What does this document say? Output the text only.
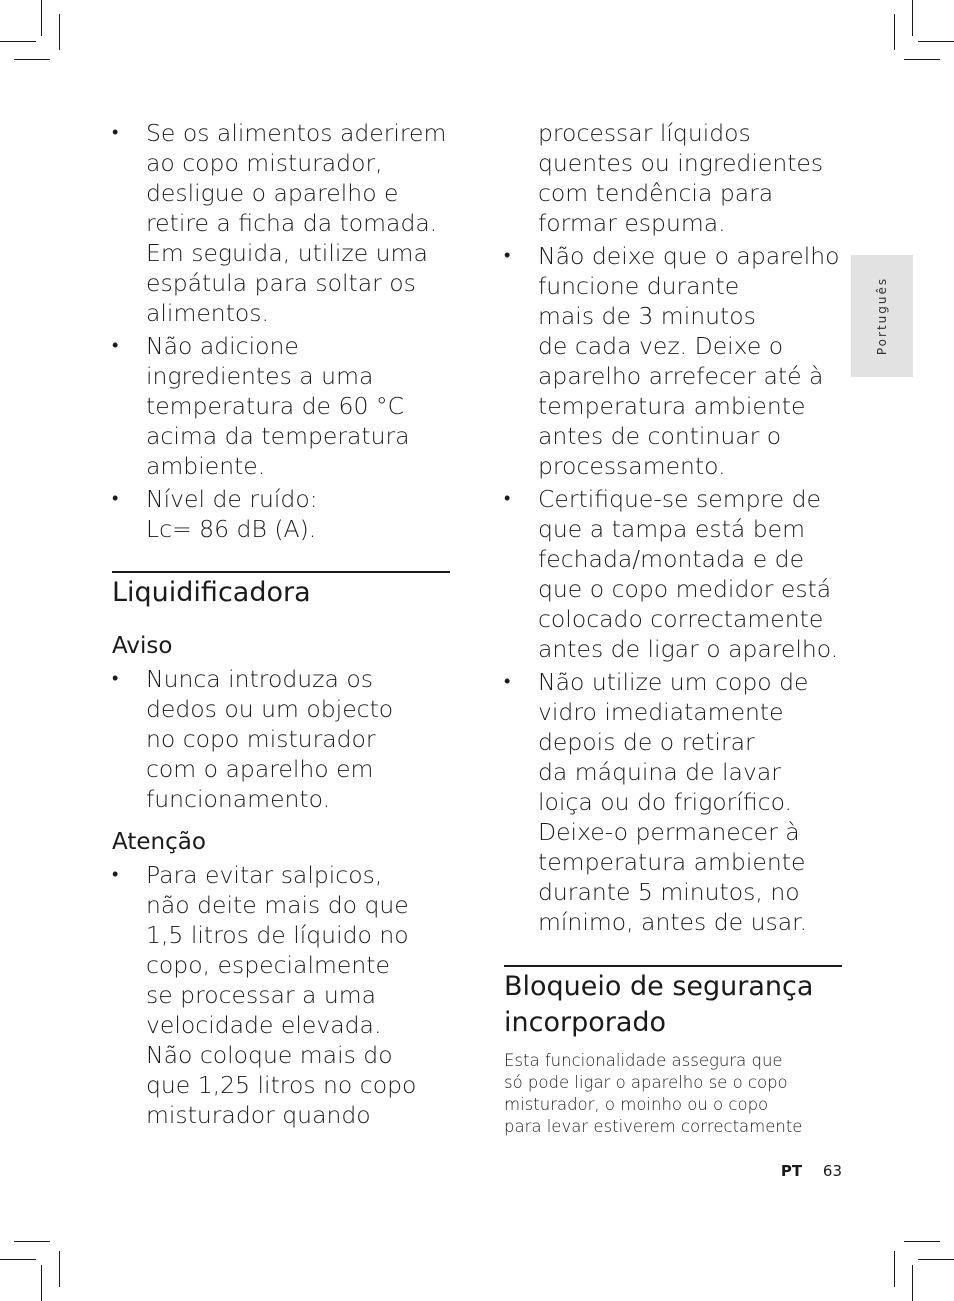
•	Se os alimentos aderirem
ao copo misturador,
desligue o aparelho e
retire a ficha da tomada.
Em seguida, utilize uma
espátula para soltar os
alimentos.
•	Não adicione
ingredientes a uma
temperatura de 60 °C
acima da temperatura
ambiente.
•	Nível de ruído:
Lc= 86 dB (A).
Liquidificadora
Aviso
•	Nunca introduza os
dedos ou um objecto
no copo misturador
com o aparelho em
funcionamento.
Atenção
•	Para evitar salpicos,
não deite mais do que
1,5 litros de líquido no
copo, especialmente
se processar a uma
velocidade elevada.
Não coloque mais do
que 1,25 litros no copo
misturador quando
processar líquidos
quentes ou ingredientes
com tendência para
formar espuma.
•	Não deixe que o aparelho
funcione durante
mais de 3 minutos
de cada vez. Deixe o
aparelho arrefecer até à
temperatura ambiente
antes de continuar o
processamento.
•	Certifique-se sempre de
que a tampa está bem
fechada/montada e de
que o copo medidor está
colocado correctamente
antes de ligar o aparelho.
•	Não utilize um copo de
vidro imediatamente
depois de o retirar
da máquina de lavar
loiça ou do frigorífico.
Deixe-o permanecer à
temperatura ambiente
durante 5 minutos, no
mínimo, antes de usar.
Bloqueio de segurança
incorporado
Esta funcionalidade assegura que
só pode ligar o aparelho se o copo
misturador, o moinho ou o copo
para levar estiverem correctamente
Português
PT 63
